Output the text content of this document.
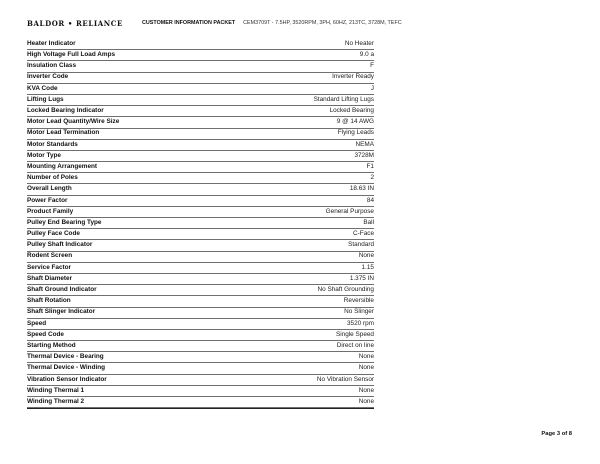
BALDOR • RELIANCE	CUSTOMER INFORMATION PACKET CEM3709T - 7.5HP, 3520RPM, 3PH, 60HZ, 213TC, 3728M, TEFC
Heater Indicator	No Heater
High Voltage Full Load Amps	9.0 a
Insulation Class	F
Inverter Code	Inverter Ready
KVA Code	J
Lifting Lugs	Standard Lifting Lugs
Locked Bearing Indicator	Locked Bearing
Motor Lead Quantity/Wire Size	9 @ 14 AWG
Motor Lead Termination	Flying Leads
Motor Standards	NEMA
Motor Type	3728M
Mounting Arrangement	F1
Number of Poles	2
Overall Length	18.63 IN
Power Factor	84
Product Family	General Purpose
Pulley End Bearing Type	Ball
Pulley Face Code	C-Face
Pulley Shaft Indicator	Standard
Rodent Screen	None
Service Factor	1.15
Shaft Diameter	1.375 IN
Shaft Ground Indicator	No Shaft Grounding
Shaft Rotation	Reversible
Shaft Slinger Indicator	No Slinger
Speed	3520 rpm
Speed Code	Single Speed
Starting Method	Direct on line
Thermal Device - Bearing	None
Thermal Device - Winding	None
Vibration Sensor Indicator	No Vibration Sensor
Winding Thermal 1	None
Winding Thermal 2	None
Page 3 of 8
